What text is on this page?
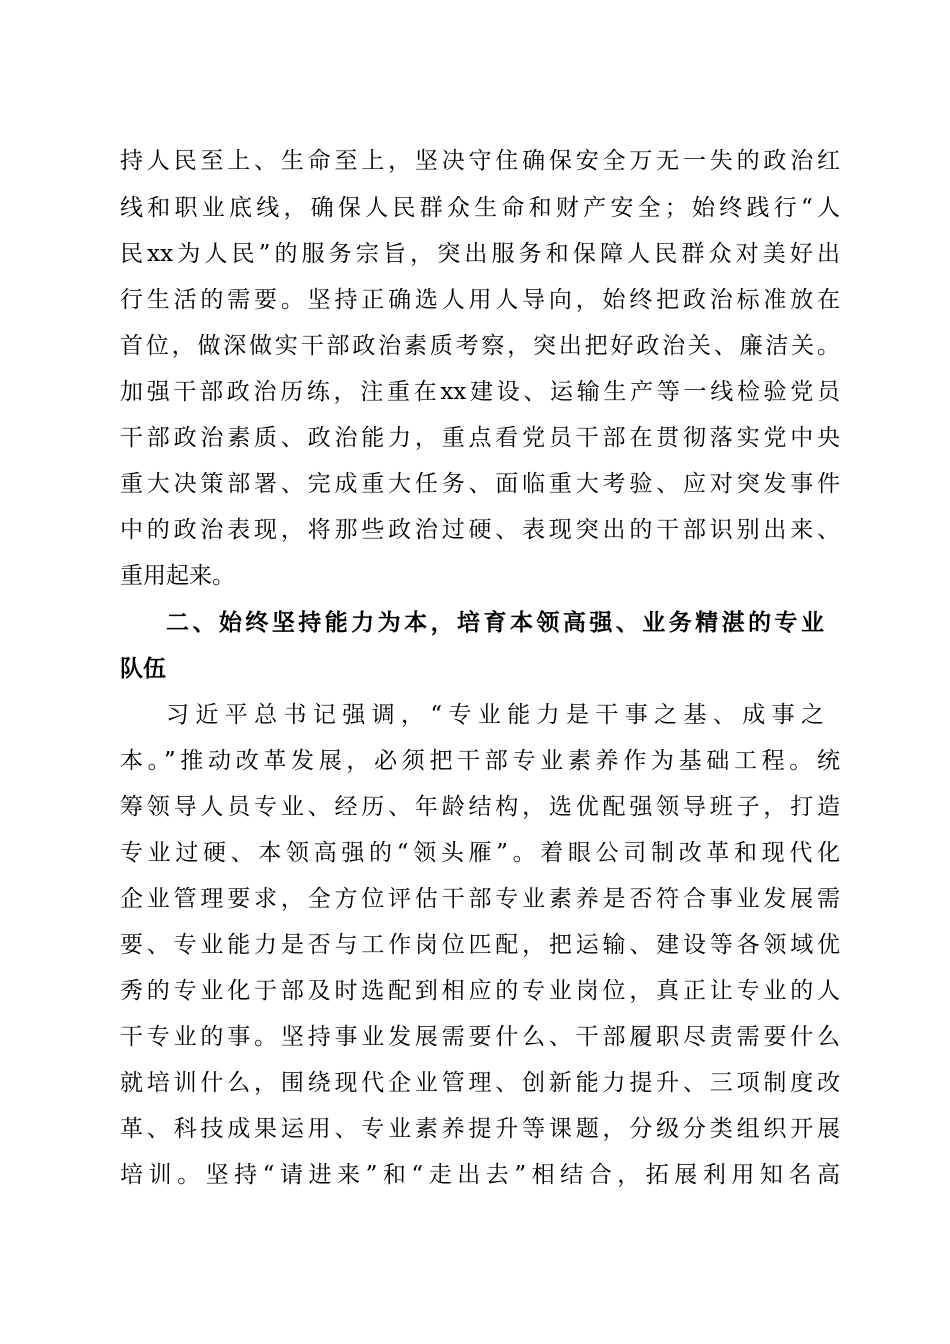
持人民至上、生命至上，坚决守住确保安全万无一失的政治红
线和职业底线，确保人民群众生命和财产安全；始终践行“人
民xx为人民”的服务宗旨，突出服务和保障人民群众对美好出
行生活的需要。坚持正确选人用人导向，始终把政治标准放在
首位，做深做实干部政治素质考察，突出把好政治关、廉洁关。
加强干部政治历练，注重在xx建设、运输生产等一线检验党员
干部政治素质、政治能力，重点看党员干部在贯彻落实党中央
重大决策部署、完成重大任务、面临重大考验、应对突发事件
中的政治表现，将那些政治过硬、表现突出的干部识别出来、
重用起来。
二、始终坚持能力为本，培育本领高强、业务精湛的专业
队伍
习近平总书记强调，“专业能力是干事之基、成事之
本。”推动改革发展，必须把干部专业素养作为基础工程。统
筹领导人员专业、经历、年龄结构，选优配强领导班子，打造
专业过硬、本领高强的“领头雁”。着眼公司制改革和现代化
企业管理要求，全方位评估干部专业素养是否符合事业发展需
要、专业能力是否与工作岗位匹配，把运输、建设等各领域优
秀的专业化于部及时选配到相应的专业岗位，真正让专业的人
干专业的事。坚持事业发展需要什么、干部履职尽责需要什么
就培训什么，围绕现代企业管理、创新能力提升、三项制度改
革、科技成果运用、专业素养提升等课题，分级分类组织开展
培训。坚持“请进来”和“走出去”相结合，拓展利用知名高
